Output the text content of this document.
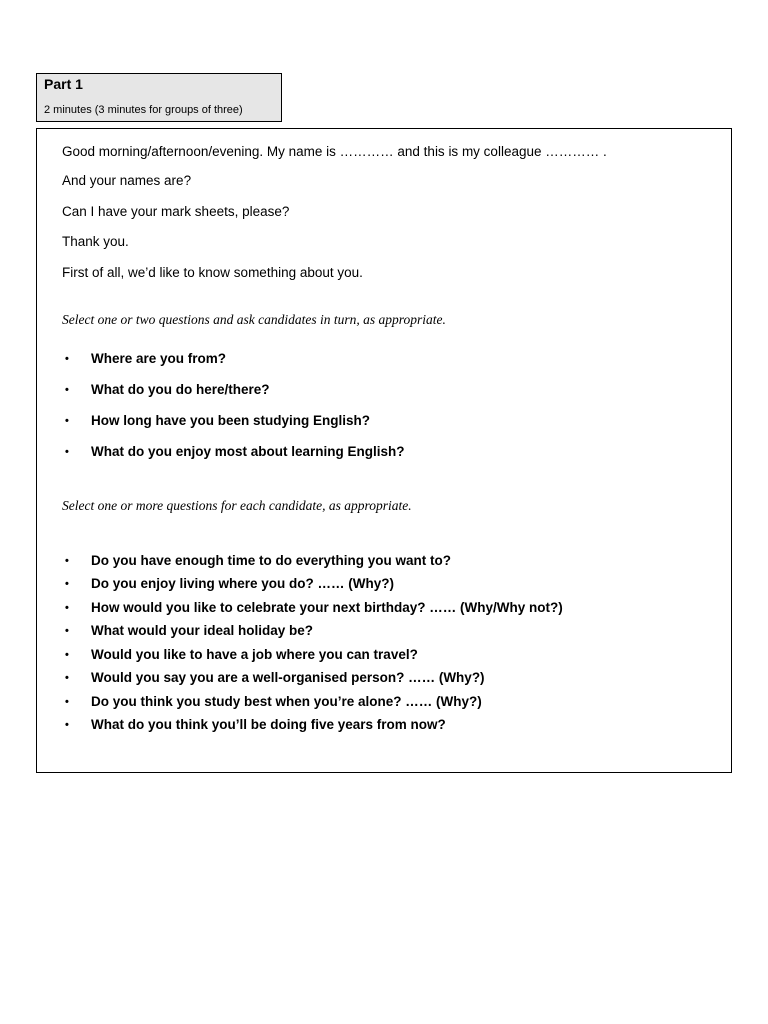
Part 1
2 minutes (3 minutes for groups of three)
Good morning/afternoon/evening. My name is ………… and this is my colleague ………… .
And your names are?
Can I have your mark sheets, please?
Thank you.
First of all, we’d like to know something about you.
Select one or two questions and ask candidates in turn, as appropriate.
• Where are you from?
• What do you do here/there?
• How long have you been studying English?
• What do you enjoy most about learning English?
Select one or more questions for each candidate, as appropriate.
• Do you have enough time to do everything you want to?
• Do you enjoy living where you do? …… (Why?)
• How would you like to celebrate your next birthday? …… (Why/Why not?)
• What would your ideal holiday be?
• Would you like to have a job where you can travel?
• Would you say you are a well-organised person? …… (Why?)
• Do you think you study best when you’re alone? …… (Why?)
• What do you think you’ll be doing five years from now?
